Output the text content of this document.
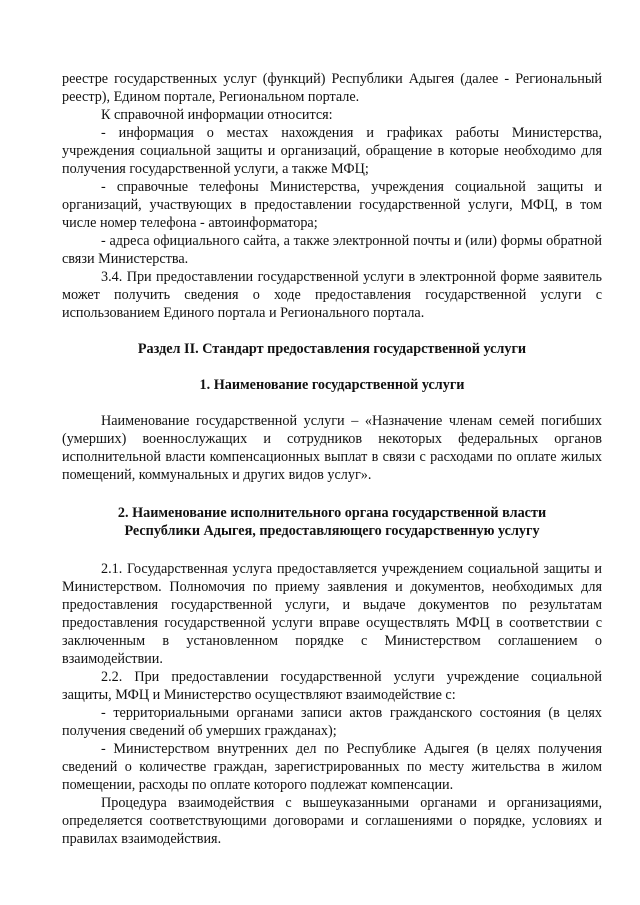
реестре государственных услуг (функций) Республики Адыгея (далее - Региональный реестр), Едином портале, Региональном портале.

К справочной информации относится:

- информация о местах нахождения и графиках работы Министерства, учреждения социальной защиты и организаций, обращение в которые необходимо для получения государственной услуги, а также МФЦ;

- справочные телефоны Министерства, учреждения социальной защиты и организаций, участвующих в предоставлении государственной услуги, МФЦ, в том числе номер телефона - автоинформатора;

- адреса официального сайта, а также электронной почты и (или) формы обратной связи Министерства.

3.4. При предоставлении государственной услуги в электронной форме заявитель может получить сведения о ходе предоставления государственной услуги с использованием Единого портала и Регионального портала.

Раздел II. Стандарт предоставления государственной услуги

1. Наименование государственной услуги

Наименование государственной услуги – «Назначение членам семей погибших (умерших) военнослужащих и сотрудников некоторых федеральных органов исполнительной власти компенсационных выплат в связи с расходами по оплате жилых помещений, коммунальных и других видов услуг».

2. Наименование исполнительного органа государственной власти

Республики Адыгея, предоставляющего государственную услугу

2.1. Государственная услуга предоставляется учреждением социальной защиты и Министерством. Полномочия по приему заявления и документов, необходимых для предоставления государственной услуги, и выдаче документов по результатам предоставления государственной услуги вправе осуществлять МФЦ в соответствии с заключенным в установленном порядке с Министерством соглашением о взаимодействии.

2.2. При предоставлении государственной услуги учреждение социальной защиты, МФЦ и Министерство осуществляют взаимодействие с:

- территориальными органами записи актов гражданского состояния (в целях получения сведений об умерших гражданах);

- Министерством внутренних дел по Республике Адыгея (в целях получения сведений о количестве граждан, зарегистрированных по месту жительства в жилом помещении, расходы по оплате которого подлежат компенсации.

Процедура взаимодействия с вышеуказанными органами и организациями, определяется соответствующими договорами и соглашениями о порядке, условиях и правилах взаимодействия.
